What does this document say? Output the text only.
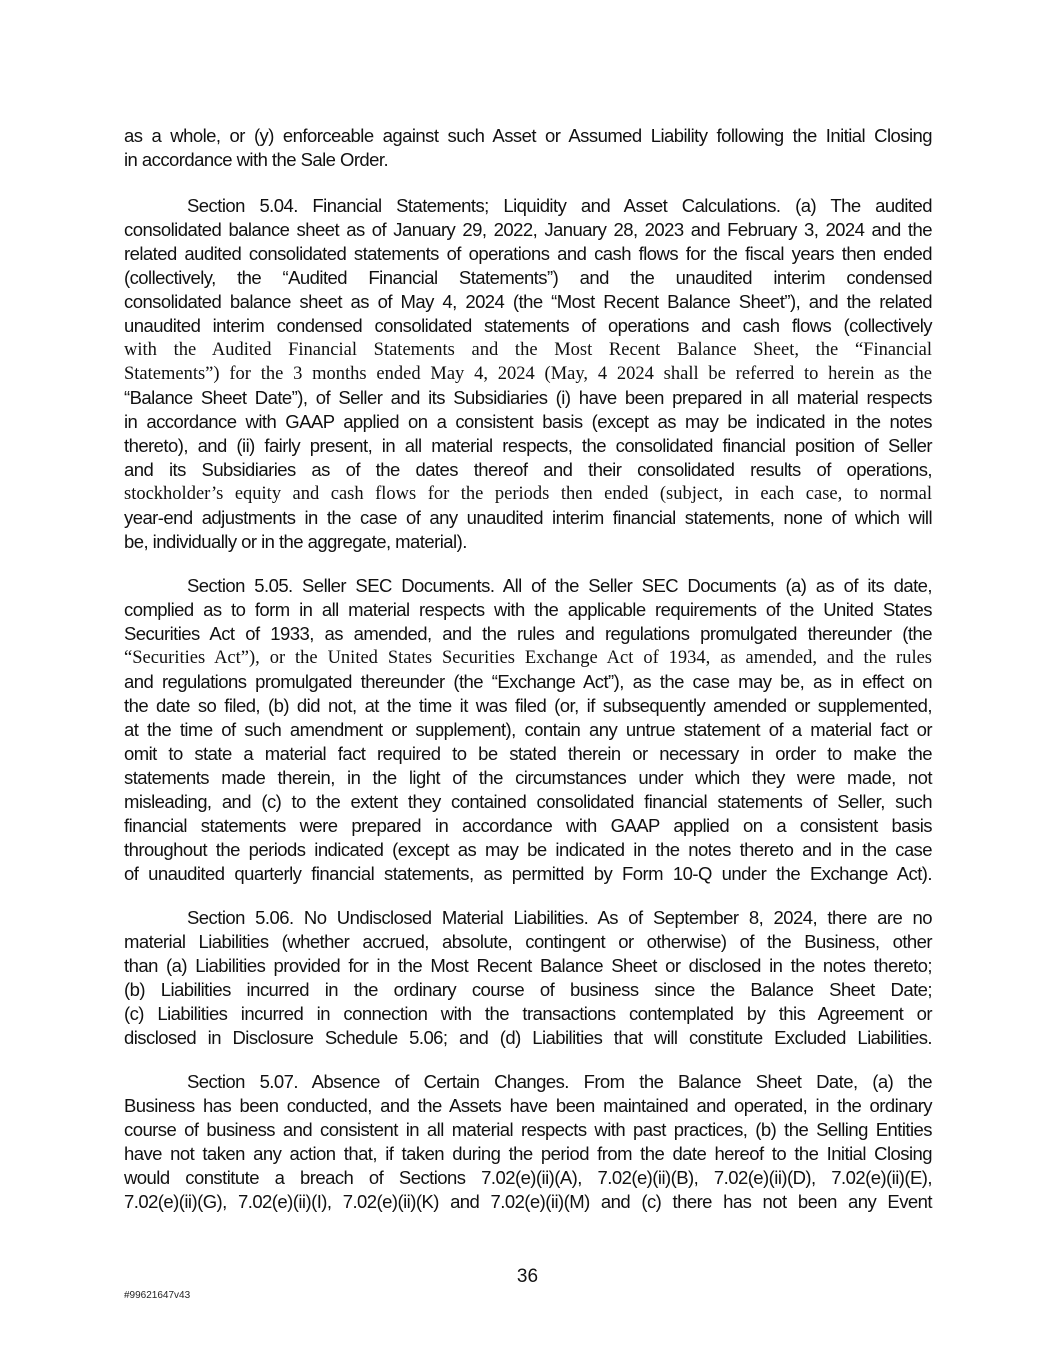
as a whole, or (y) enforceable against such Asset or Assumed Liability following the Initial Closing
in accordance with the Sale Order.
Section 5.04. Financial Statements; Liquidity and Asset Calculations. (a) The audited
consolidated balance sheet as of January 29, 2022, January 28, 2023 and February 3, 2024 and the
related audited consolidated statements of operations and cash flows for the fiscal years then ended
(collectively, the “Audited Financial Statements”) and the unaudited interim condensed
consolidated balance sheet as of May 4, 2024 (the “Most Recent Balance Sheet”), and the related
unaudited interim condensed consolidated statements of operations and cash flows (collectively
with the Audited Financial Statements and the Most Recent Balance Sheet, the “Financial
Statements”) for the 3 months ended May 4, 2024 (May, 4 2024 shall be referred to herein as the
“Balance Sheet Date”), of Seller and its Subsidiaries (i) have been prepared in all material respects
in accordance with GAAP applied on a consistent basis (except as may be indicated in the notes
thereto), and (ii) fairly present, in all material respects, the consolidated financial position of Seller
and its Subsidiaries as of the dates thereof and their consolidated results of operations,
stockholder’s equity and cash flows for the periods then ended (subject, in each case, to normal
year-end adjustments in the case of any unaudited interim financial statements, none of which will
be, individually or in the aggregate, material).
Section 5.05. Seller SEC Documents. All of the Seller SEC Documents (a) as of its date,
complied as to form in all material respects with the applicable requirements of the United States
Securities Act of 1933, as amended, and the rules and regulations promulgated thereunder (the
“Securities Act”), or the United States Securities Exchange Act of 1934, as amended, and the rules
and regulations promulgated thereunder (the “Exchange Act”), as the case may be, as in effect on
the date so filed, (b) did not, at the time it was filed (or, if subsequently amended or supplemented,
at the time of such amendment or supplement), contain any untrue statement of a material fact or
omit to state a material fact required to be stated therein or necessary in order to make the
statements made therein, in the light of the circumstances under which they were made, not
misleading, and (c) to the extent they contained consolidated financial statements of Seller, such
financial statements were prepared in accordance with GAAP applied on a consistent basis
throughout the periods indicated (except as may be indicated in the notes thereto and in the case
of unaudited quarterly financial statements, as permitted by Form 10-Q under the Exchange Act).
Section 5.06. No Undisclosed Material Liabilities. As of September 8, 2024, there are no
material Liabilities (whether accrued, absolute, contingent or otherwise) of the Business, other
than (a) Liabilities provided for in the Most Recent Balance Sheet or disclosed in the notes thereto;
(b) Liabilities incurred in the ordinary course of business since the Balance Sheet Date;
(c) Liabilities incurred in connection with the transactions contemplated by this Agreement or
disclosed in Disclosure Schedule 5.06; and (d) Liabilities that will constitute Excluded Liabilities.
Section 5.07. Absence of Certain Changes. From the Balance Sheet Date, (a) the
Business has been conducted, and the Assets have been maintained and operated, in the ordinary
course of business and consistent in all material respects with past practices, (b) the Selling Entities
have not taken any action that, if taken during the period from the date hereof to the Initial Closing
would constitute a breach of Sections 7.02(e)(ii)(A), 7.02(e)(ii)(B), 7.02(e)(ii)(D), 7.02(e)(ii)(E),
7.02(e)(ii)(G), 7.02(e)(ii)(I), 7.02(e)(ii)(K) and 7.02(e)(ii)(M) and (c) there has not been any Event
36
#99621647v43
